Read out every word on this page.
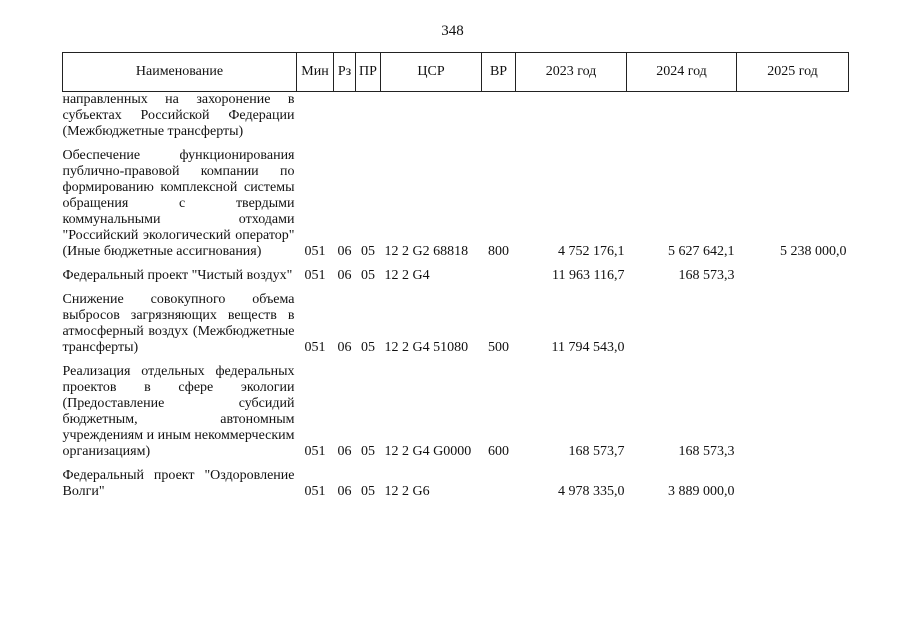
348
Наименование	Мин	Рз	ПР	ЦСР	ВР	2023 год	2024 год	2025 год
направленных на захоронение в субъектах Российской Федерации (Межбюджетные трансферты)								

Обеспечение функционирования публично-правовой компании по формированию комплексной системы обращения с твердыми коммунальными отходами "Российский экологический оператор" (Иные бюджетные ассигнования)	051	06	05	12 2 G2 68818	800	4 752 176,1	5 627 642,1	5 238 000,0

Федеральный проект "Чистый воздух"	051	06	05	12 2 G4		11 963 116,7	168 573,3	

Снижение совокупного объема выбросов загрязняющих веществ в атмосферный воздух (Межбюджетные трансферты)	051	06	05	12 2 G4 51080	500	11 794 543,0		

Реализация отдельных федеральных проектов в сфере экологии (Предоставление субсидий бюджетным, автономным учреждениям и иным некоммерческим организациям)	051	06	05	12 2 G4 G0000	600	168 573,7	168 573,3	

Федеральный проект "Оздоровление Волги"	051	06	05	12 2 G6		4 978 335,0	3 889 000,0	
